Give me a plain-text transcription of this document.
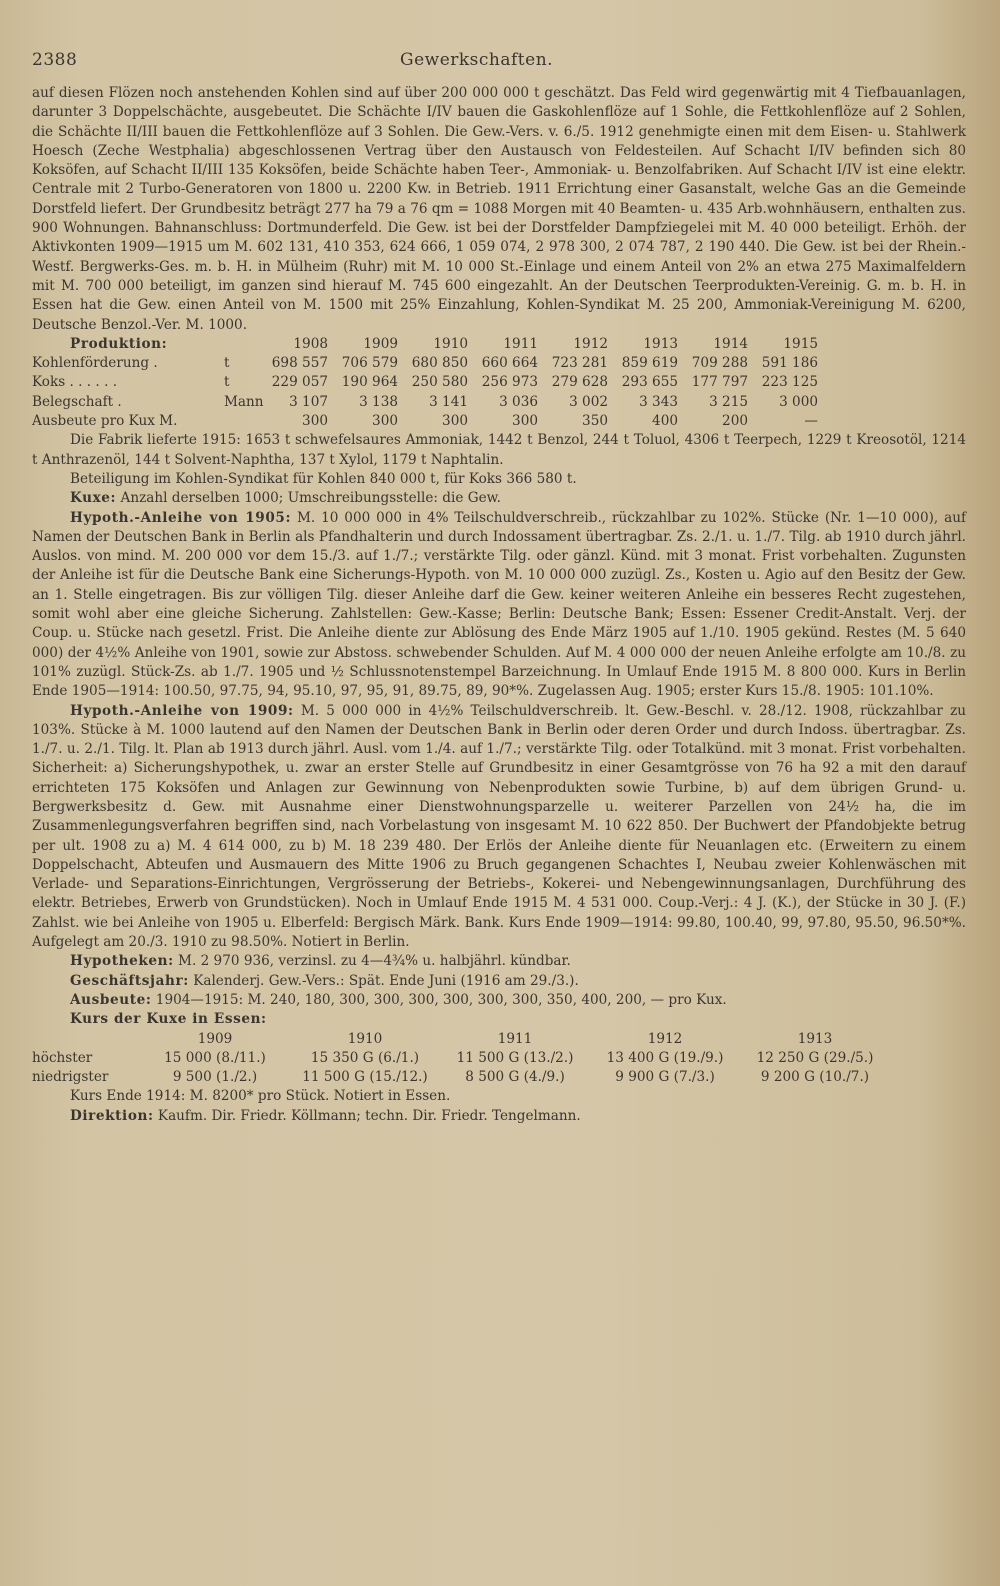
2388	Gewerkschaften.

auf diesen Flözen noch anstehenden Kohlen sind auf über 200 000 000 t geschätzt. Das Feld wird gegenwärtig mit 4 Tiefbauanlagen, darunter 3 Doppelschächte, ausgebeutet. Die Schächte I/IV bauen die Gaskohlenflöze auf 1 Sohle, die Fettkohlenflöze auf 2 Sohlen, die Schächte II/III bauen die Fettkohlenflöze auf 3 Sohlen. Die Gew.-Vers. v. 6./5. 1912 genehmigte einen mit dem Eisen- u. Stahlwerk Hoesch (Zeche Westphalia) abgeschlossenen Vertrag über den Austausch von Feldesteilen. Auf Schacht I/IV befinden sich 80 Koksöfen, auf Schacht II/III 135 Koksöfen, beide Schächte haben Teer-, Ammoniak- u. Benzolfabriken. Auf Schacht I/IV ist eine elektr. Centrale mit 2 Turbo-Generatoren von 1800 u. 2200 Kw. in Betrieb. 1911 Errichtung einer Gasanstalt, welche Gas an die Gemeinde Dorstfeld liefert. Der Grundbesitz beträgt 277 ha 79 a 76 qm = 1088 Morgen mit 40 Beamten- u. 435 Arb.wohnhäusern, enthalten zus. 900 Wohnungen. Bahnanschluss: Dortmunderfeld. Die Gew. ist bei der Dorstfelder Dampfziegelei mit M. 40 000 beteiligt. Erhöh. der Aktivkonten 1909—1915 um M. 602 131, 410 353, 624 666, 1 059 074, 2 978 300, 2 074 787, 2 190 440. Die Gew. ist bei der Rhein.-Westf. Bergwerks-Ges. m. b. H. in Mülheim (Ruhr) mit M. 10 000 St.-Einlage und einem Anteil von 2% an etwa 275 Maximalfeldern mit M. 700 000 beteiligt, im ganzen sind hierauf M. 745 600 eingezahlt. An der Deutschen Teerprodukten-Vereinig. G. m. b. H. in Essen hat die Gew. einen Anteil von M. 1500 mit 25% Einzahlung, Kohlen-Syndikat M. 25 200, Ammoniak-Vereinigung M. 6200, Deutsche Benzol.-Ver. M. 1000.

Produktion:	1908	1909	1910	1911	1912	1913	1914	1915
Kohlenförderung .	t	698 557	706 579	680 850	660 664	723 281	859 619	709 288	591 186
Koks . . . . . .	t	229 057	190 964	250 580	256 973	279 628	293 655	177 797	223 125
Belegschaft .	Mann	3 107	3 138	3 141	3 036	3 002	3 343	3 215	3 000
Ausbeute pro Kux M.	300	300	300	300	350	400	200	—

Die Fabrik lieferte 1915: 1653 t schwefelsaures Ammoniak, 1442 t Benzol, 244 t Toluol, 4306 t Teerpech, 1229 t Kreosotöl, 1214 t Anthrazenöl, 144 t Solvent-Naphtha, 137 t Xylol, 1179 t Naphtalin.

Beteiligung im Kohlen-Syndikat für Kohlen 840 000 t, für Koks 366 580 t.

Kuxe: Anzahl derselben 1000; Umschreibungsstelle: die Gew.

Hypoth.-Anleihe von 1905: M. 10 000 000 in 4% Teilschuldverschreib., rückzahlbar zu 102%. Stücke (Nr. 1—10 000), auf Namen der Deutschen Bank in Berlin als Pfandhalterin und durch Indossament übertragbar. Zs. 2./1. u. 1./7. Tilg. ab 1910 durch jährl. Auslos. von mind. M. 200 000 vor dem 15./3. auf 1./7.; verstärkte Tilg. oder gänzl. Künd. mit 3 monat. Frist vorbehalten. Zugunsten der Anleihe ist für die Deutsche Bank eine Sicherungs-Hypoth. von M. 10 000 000 zuzügl. Zs., Kosten u. Agio auf den Besitz der Gew. an 1. Stelle eingetragen. Bis zur völligen Tilg. dieser Anleihe darf die Gew. keiner weiteren Anleihe ein besseres Recht zugestehen, somit wohl aber eine gleiche Sicherung. Zahlstellen: Gew.-Kasse; Berlin: Deutsche Bank; Essen: Essener Credit-Anstalt. Verj. der Coup. u. Stücke nach gesetzl. Frist. Die Anleihe diente zur Ablösung des Ende März 1905 auf 1./10. 1905 gekünd. Restes (M. 5 640 000) der 4½% Anleihe von 1901, sowie zur Abstoss. schwebender Schulden. Auf M. 4 000 000 der neuen Anleihe erfolgte am 10./8. zu 101% zuzügl. Stück-Zs. ab 1./7. 1905 und ½ Schlussnotenstempel Barzeichnung. In Umlauf Ende 1915 M. 8 800 000. Kurs in Berlin Ende 1905—1914: 100.50, 97.75, 94, 95.10, 97, 95, 91, 89.75, 89, 90*%. Zugelassen Aug. 1905; erster Kurs 15./8. 1905: 101.10%.

Hypoth.-Anleihe von 1909: M. 5 000 000 in 4½% Teilschuldverschreib. lt. Gew.-Beschl. v. 28./12. 1908, rückzahlbar zu 103%. Stücke à M. 1000 lautend auf den Namen der Deutschen Bank in Berlin oder deren Order und durch Indoss. übertragbar. Zs. 1./7. u. 2./1. Tilg. lt. Plan ab 1913 durch jährl. Ausl. vom 1./4. auf 1./7.; verstärkte Tilg. oder Totalkünd. mit 3 monat. Frist vorbehalten. Sicherheit: a) Sicherungshypothek, u. zwar an erster Stelle auf Grundbesitz in einer Gesamtgrösse von 76 ha 92 a mit den darauf errichteten 175 Koksöfen und Anlagen zur Gewinnung von Nebenprodukten sowie Turbine, b) auf dem übrigen Grund- u. Bergwerksbesitz d. Gew. mit Ausnahme einer Dienstwohnungsparzelle u. weiterer Parzellen von 24½ ha, die im Zusammenlegungsverfahren begriffen sind, nach Vorbelastung von insgesamt M. 10 622 850. Der Buchwert der Pfandobjekte betrug per ult. 1908 zu a) M. 4 614 000, zu b) M. 18 239 480. Der Erlös der Anleihe diente für Neuanlagen etc. (Erweitern zu einem Doppelschacht, Abteufen und Ausmauern des Mitte 1906 zu Bruch gegangenen Schachtes I, Neubau zweier Kohlenwäschen mit Verlade- und Separations-Einrichtungen, Vergrösserung der Betriebs-, Kokerei- und Nebengewinnungsanlagen, Durchführung des elektr. Betriebes, Erwerb von Grundstücken). Noch in Umlauf Ende 1915 M. 4 531 000. Coup.-Verj.: 4 J. (K.), der Stücke in 30 J. (F.) Zahlst. wie bei Anleihe von 1905 u. Elberfeld: Bergisch Märk. Bank. Kurs Ende 1909—1914: 99.80, 100.40, 99, 97.80, 95.50, 96.50*%. Aufgelegt am 20./3. 1910 zu 98.50%. Notiert in Berlin.

Hypotheken: M. 2 970 936, verzinsl. zu 4—4¾% u. halbjährl. kündbar.

Geschäftsjahr: Kalenderj. Gew.-Vers.: Spät. Ende Juni (1916 am 29./3.).

Ausbeute: 1904—1915: M. 240, 180, 300, 300, 300, 300, 300, 300, 350, 400, 200, — pro Kux.

Kurs der Kuxe in Essen:

1909	1910	1911	1912	1913
höchster	15 000 (8./11.)	15 350 G (6./1.)	11 500 G (13./2.)	13 400 G (19./9.)	12 250 G (29./5.)
niedrigster	9 500 (1./2.)	11 500 G (15./12.)	8 500 G (4./9.)	9 900 G (7./3.)	9 200 G (10./7.)

Kurs Ende 1914: M. 8200* pro Stück. Notiert in Essen.

Direktion: Kaufm. Dir. Friedr. Köllmann; techn. Dir. Friedr. Tengelmann.
